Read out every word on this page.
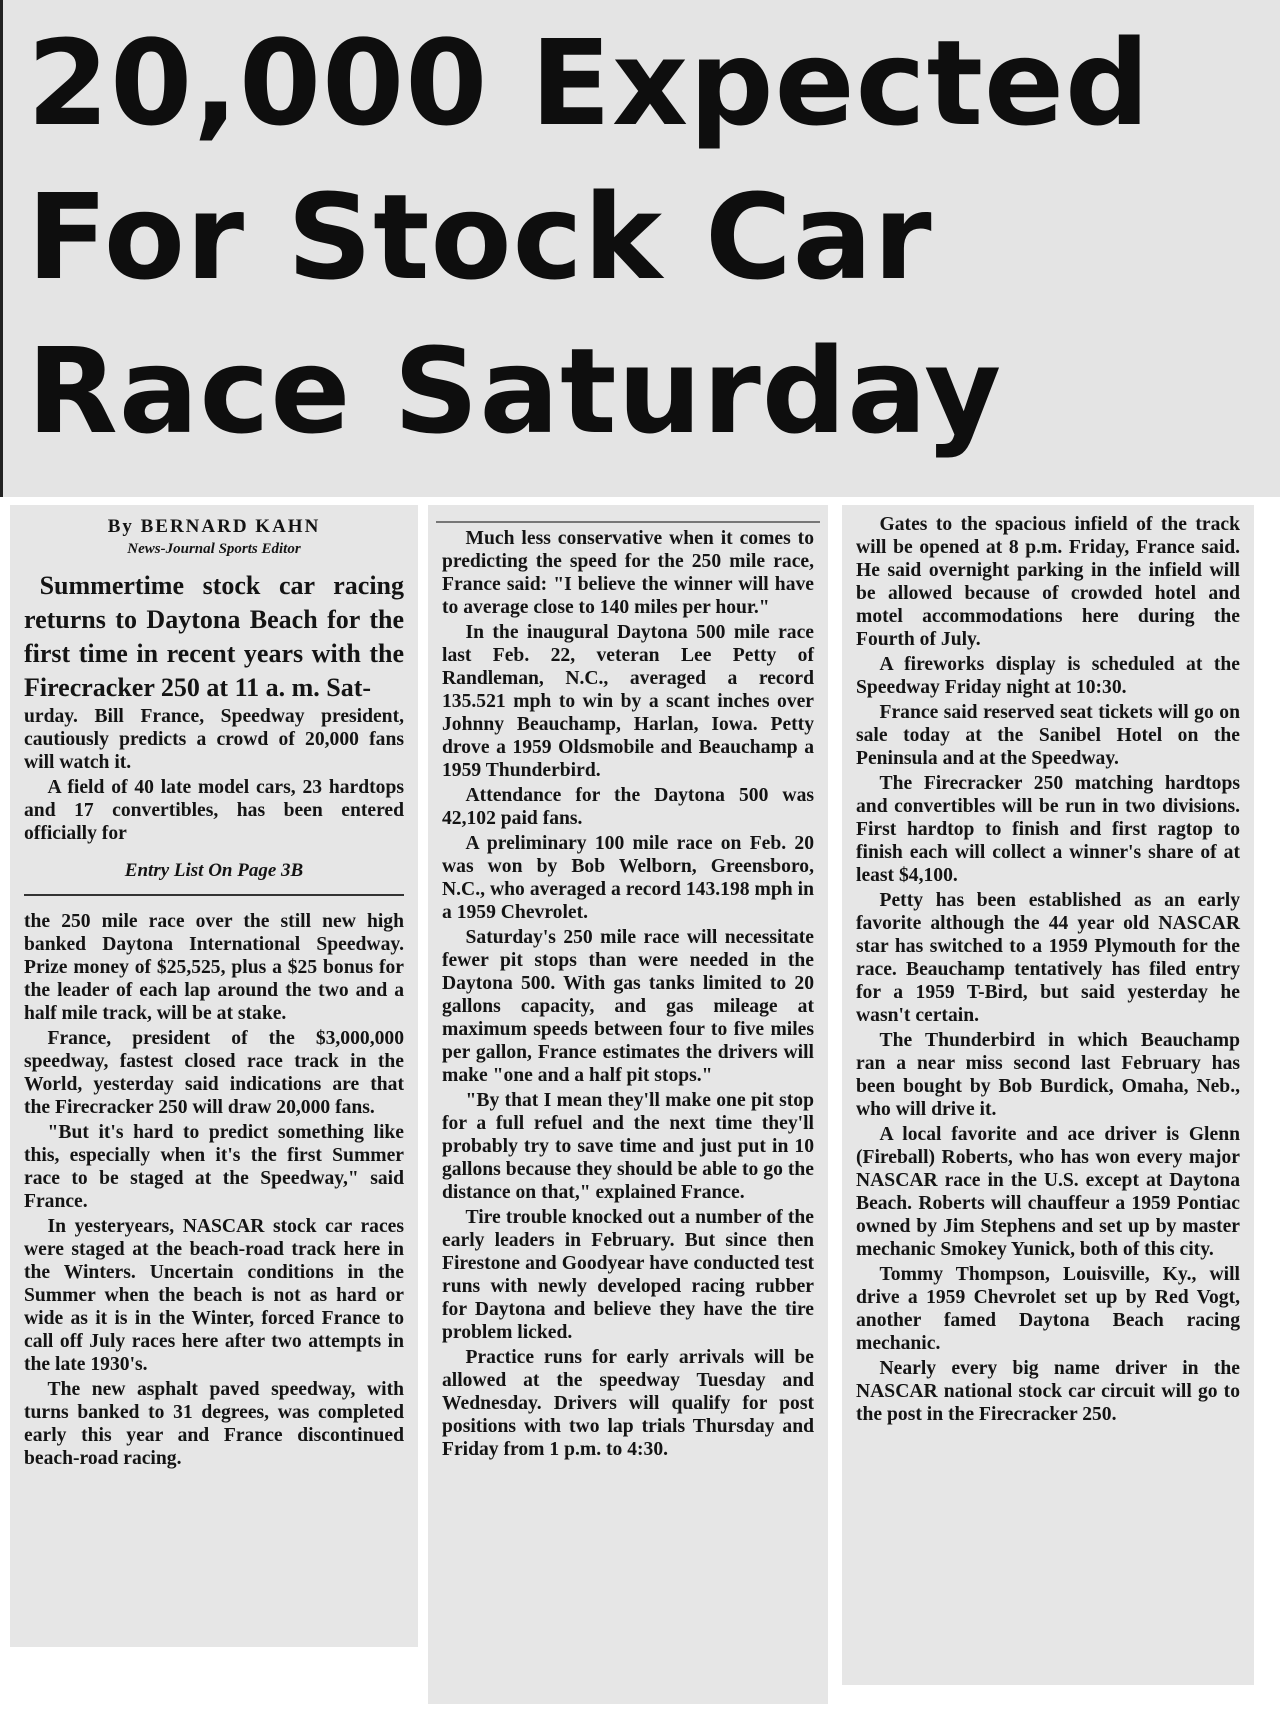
20,000 Expected
For Stock Car
Race Saturday
By BERNARD KAHN
News-Journal Sports Editor

Summertime stock car racing returns to Daytona Beach for the first time in recent years with the Firecracker 250 at 11 a. m. Sat-

urday. Bill France, Speedway president, cautiously predicts a crowd of 20,000 fans will watch it.

A field of 40 late model cars, 23 hardtops and 17 convertibles, has been entered officially for

Entry List On Page 3B

the 250 mile race over the still new high banked Daytona International Speedway. Prize money of $25,525, plus a $25 bonus for the leader of each lap around the two and a half mile track, will be at stake.

France, president of the $3,000,000 speedway, fastest closed race track in the World, yesterday said indications are that the Firecracker 250 will draw 20,000 fans.

"But it's hard to predict something like this, especially when it's the first Summer race to be staged at the Speedway," said France.

In yesteryears, NASCAR stock car races were staged at the beach-road track here in the Winters. Uncertain conditions in the Summer when the beach is not as hard or wide as it is in the Winter, forced France to call off July races here after two attempts in the late 1930's.

The new asphalt paved speedway, with turns banked to 31 degrees, was completed early this year and France discontinued beach-road racing.

Much less conservative when it comes to predicting the speed for the 250 mile race, France said: "I believe the winner will have to average close to 140 miles per hour."

In the inaugural Daytona 500 mile race last Feb. 22, veteran Lee Petty of Randleman, N.C., averaged a record 135.521 mph to win by a scant inches over Johnny Beauchamp, Harlan, Iowa. Petty drove a 1959 Oldsmobile and Beauchamp a 1959 Thunderbird.

Attendance for the Daytona 500 was 42,102 paid fans.

A preliminary 100 mile race on Feb. 20 was won by Bob Welborn, Greensboro, N.C., who averaged a record 143.198 mph in a 1959 Chevrolet.

Saturday's 250 mile race will necessitate fewer pit stops than were needed in the Daytona 500. With gas tanks limited to 20 gallons capacity, and gas mileage at maximum speeds between four to five miles per gallon, France estimates the drivers will make "one and a half pit stops."

"By that I mean they'll make one pit stop for a full refuel and the next time they'll probably try to save time and just put in 10 gallons because they should be able to go the distance on that," explained France.

Tire trouble knocked out a number of the early leaders in February. But since then Firestone and Goodyear have conducted test runs with newly developed racing rubber for Daytona and believe they have the tire problem licked.

Practice runs for early arrivals will be allowed at the speedway Tuesday and Wednesday. Drivers will qualify for post positions with two lap trials Thursday and Friday from 1 p.m. to 4:30.

Gates to the spacious infield of the track will be opened at 8 p.m. Friday, France said. He said overnight parking in the infield will be allowed because of crowded hotel and motel accommodations here during the Fourth of July.

A fireworks display is scheduled at the Speedway Friday night at 10:30.

France said reserved seat tickets will go on sale today at the Sanibel Hotel on the Peninsula and at the Speedway.

The Firecracker 250 matching hardtops and convertibles will be run in two divisions. First hardtop to finish and first ragtop to finish each will collect a winner's share of at least $4,100.

Petty has been established as an early favorite although the 44 year old NASCAR star has switched to a 1959 Plymouth for the race. Beauchamp tentatively has filed entry for a 1959 T-Bird, but said yesterday he wasn't certain.

The Thunderbird in which Beauchamp ran a near miss second last February has been bought by Bob Burdick, Omaha, Neb., who will drive it.

A local favorite and ace driver is Glenn (Fireball) Roberts, who has won every major NASCAR race in the U.S. except at Daytona Beach. Roberts will chauffeur a 1959 Pontiac owned by Jim Stephens and set up by master mechanic Smokey Yunick, both of this city.

Tommy Thompson, Louisville, Ky., will drive a 1959 Chevrolet set up by Red Vogt, another famed Daytona Beach racing mechanic.

Nearly every big name driver in the NASCAR national stock car circuit will go to the post in the Firecracker 250.
